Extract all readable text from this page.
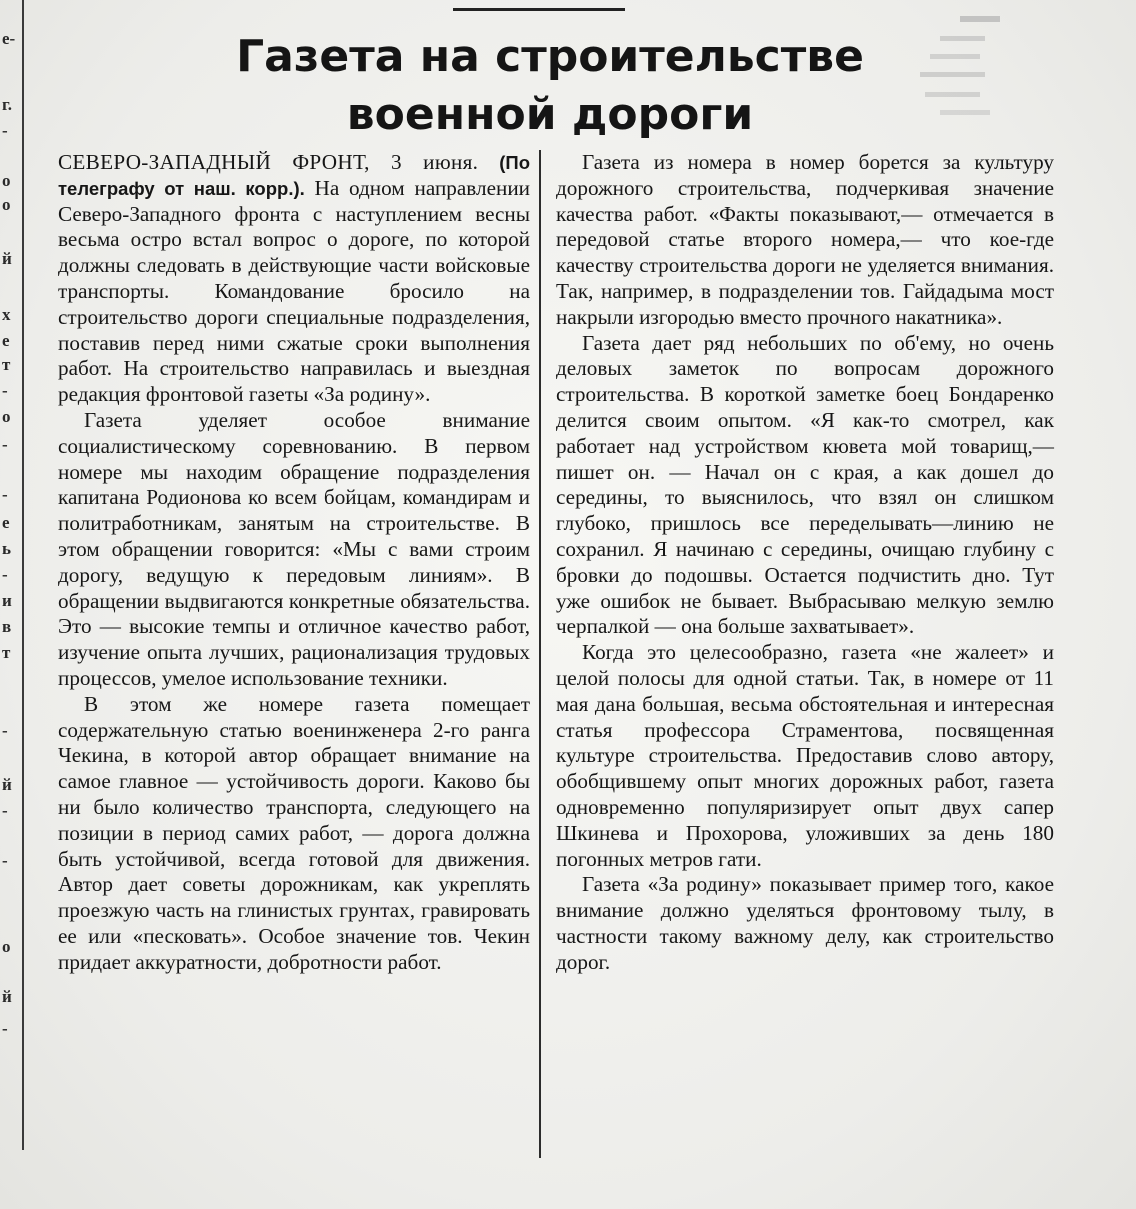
е-
г.
-
о
о
й
х
е
т
-
о
-
-
е
ь
-
и
в
т
-
й
-
-
о
й
-
Газета на строительстве
военной дороги

СЕВЕРО-ЗАПАДНЫЙ ФРОНТ, 3 июня. (По телеграфу от наш. корр.). На одном направлении Северо-Западного фронта с наступлением весны весьма остро встал вопрос о дороге, по которой должны следовать в действующие части войсковые транспорты. Командование бросило на строительство дороги специальные подразделения, поставив перед ними сжатые сроки выполнения работ. На строительство направилась и выездная редакция фронтовой газеты «За родину».

Газета уделяет особое внимание социалистическому соревнованию. В первом номере мы находим обращение подразделения капитана Родионова ко всем бойцам, командирам и политработникам, занятым на строительстве. В этом обращении говорится: «Мы с вами строим дорогу, ведущую к передовым линиям». В обращении выдвигаются конкретные обязательства. Это — высокие темпы и отличное качество работ, изучение опыта лучших, рационализация трудовых процессов, умелое использование техники.

В этом же номере газета помещает содержательную статью военинженера 2-го ранга Чекина, в которой автор обращает внимание на самое главное — устойчивость дороги. Каково бы ни было количество транспорта, следующего на позиции в период самих работ, — дорога должна быть устойчивой, всегда готовой для движения. Автор дает советы дорожникам, как укреплять проезжую часть на глинистых грунтах, гравировать ее или «песковать». Особое значение тов. Чекин придает аккуратности, добротности работ.

Газета из номера в номер борется за культуру дорожного строительства, подчеркивая значение качества работ. «Факты показывают,— отмечается в передовой статье второго номера,— что кое-где качеству строительства дороги не уделяется внимания. Так, например, в подразделении тов. Гайдадыма мост накрыли изгородью вместо прочного накатника».

Газета дает ряд небольших по об'ему, но очень деловых заметок по вопросам дорожного строительства. В короткой заметке боец Бондаренко делится своим опытом. «Я как-то смотрел, как работает над устройством кювета мой товарищ,—пишет он. — Начал он с края, а как дошел до середины, то выяснилось, что взял он слишком глубоко, пришлось все переделывать—линию не сохранил. Я начинаю с середины, очищаю глубину с бровки до подошвы. Остается подчистить дно. Тут уже ошибок не бывает. Выбрасываю мелкую землю черпалкой — она больше захватывает».

Когда это целесообразно, газета «не жалеет» и целой полосы для одной статьи. Так, в номере от 11 мая дана большая, весьма обстоятельная и интересная статья профессора Страментова, посвященная культуре строительства. Предоставив слово автору, обобщившему опыт многих дорожных работ, газета одновременно популяризирует опыт двух сапер Шкинева и Прохорова, уложивших за день 180 погонных метров гати.

Газета «За родину» показывает пример того, какое внимание должно уделяться фронтовому тылу, в частности такому важному делу, как строительство дорог.
